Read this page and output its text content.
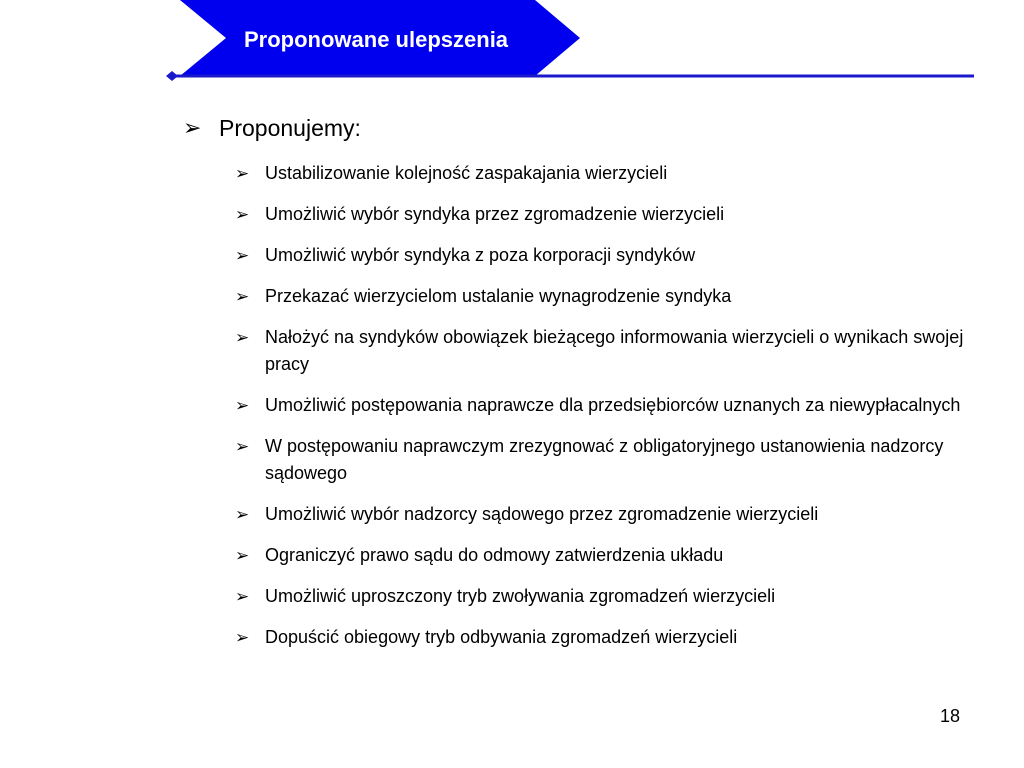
Proponowane ulepszenia
➢ Proponujemy:
➢ Ustabilizowanie kolejność zaspakajania wierzycieli
➢ Umożliwić wybór syndyka przez zgromadzenie wierzycieli
➢ Umożliwić wybór syndyka z poza korporacji syndyków
➢ Przekazać wierzycielom ustalanie wynagrodzenie syndyka
➢ Nałożyć na syndyków obowiązek bieżącego informowania wierzycieli o wynikach swojej pracy
➢ Umożliwić postępowania naprawcze dla przedsiębiorców uznanych za niewypłacalnych
➢ W postępowaniu naprawczym zrezygnować z obligatoryjnego ustanowienia nadzorcy sądowego
➢ Umożliwić wybór nadzorcy sądowego przez zgromadzenie wierzycieli
➢ Ograniczyć prawo sądu do odmowy zatwierdzenia układu
➢ Umożliwić uproszczony tryb zwoływania zgromadzeń wierzycieli
➢ Dopuścić obiegowy tryb odbywania zgromadzeń wierzycieli
18
